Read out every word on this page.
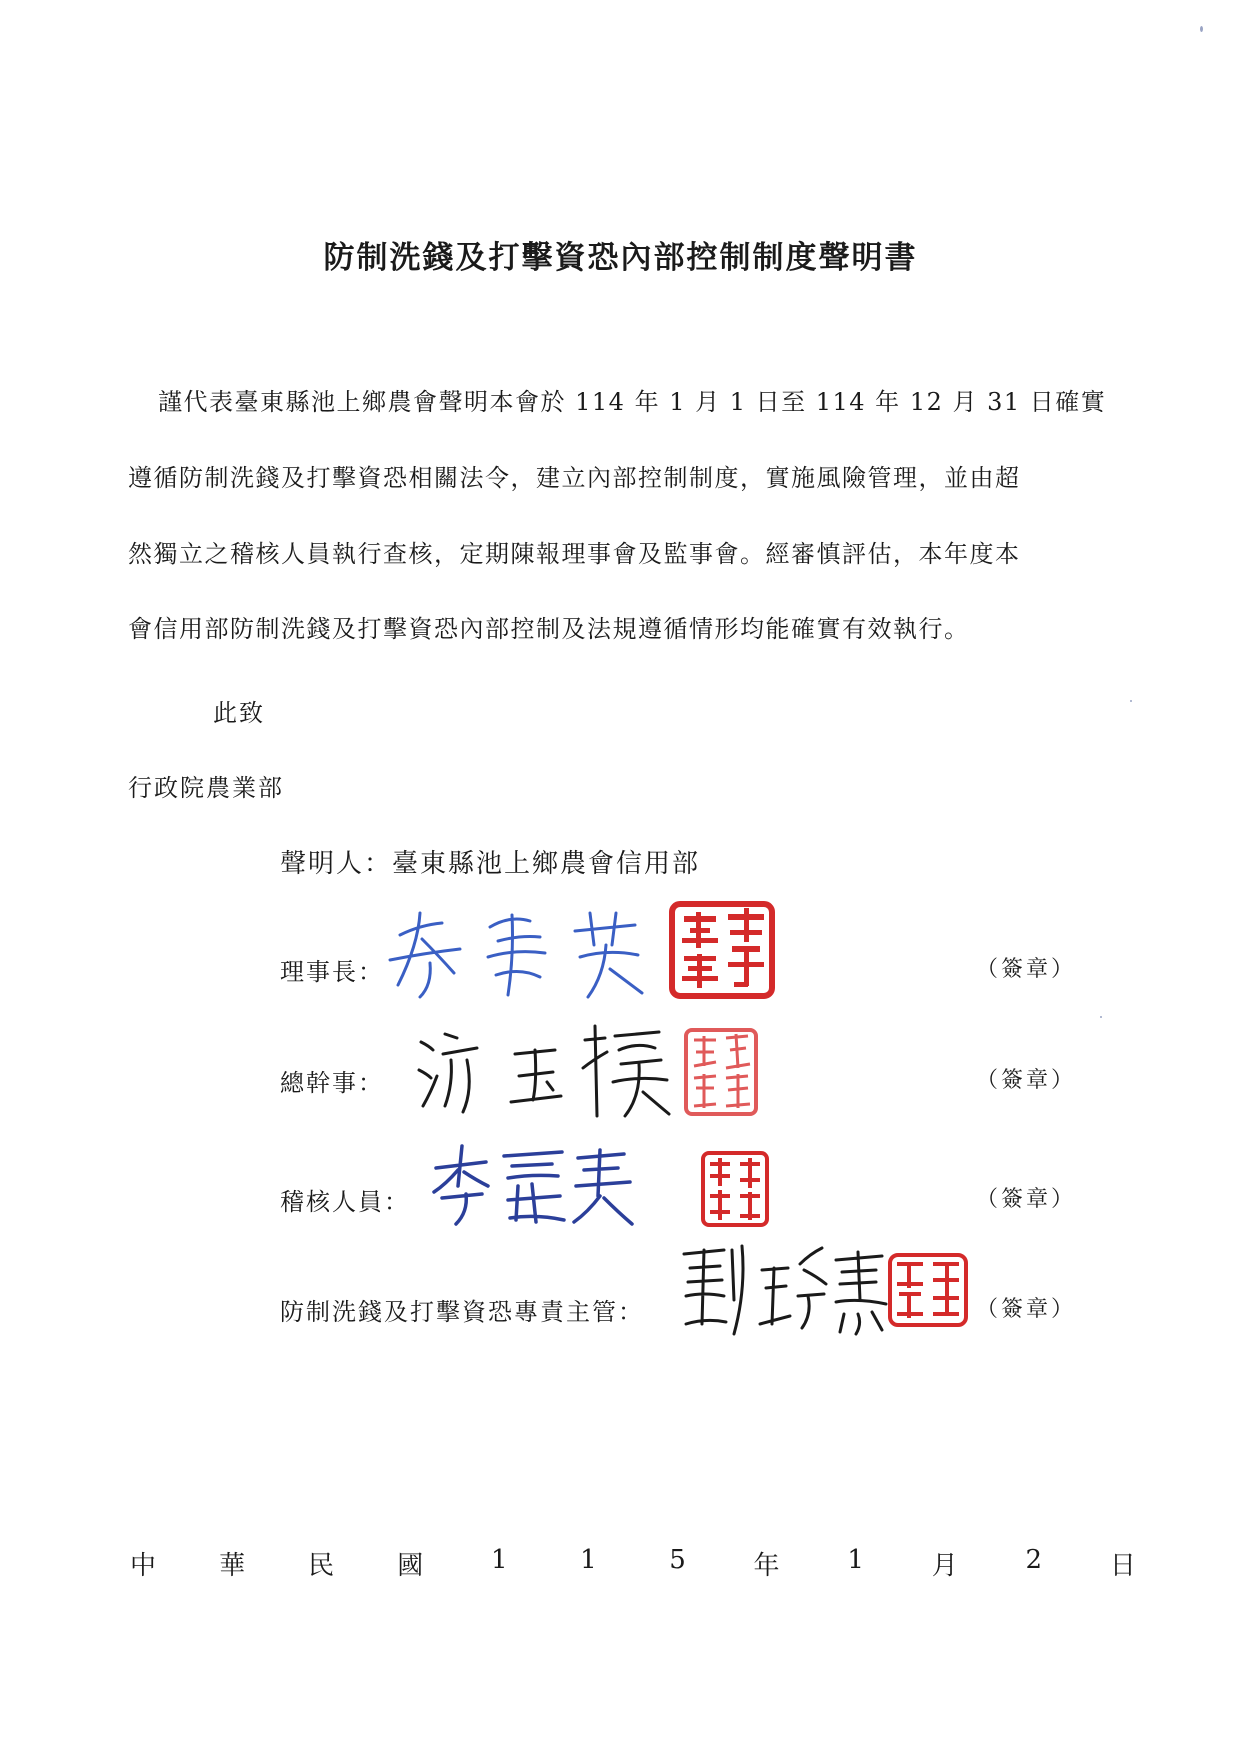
防制洗錢及打擊資恐內部控制制度聲明書
謹代表臺東縣池上鄉農會聲明本會於 114 年 1 月 1 日至 114 年 12 月 31 日確實
遵循防制洗錢及打擊資恐相關法令，建立內部控制制度，實施風險管理，並由超
然獨立之稽核人員執行查核，定期陳報理事會及監事會。經審慎評估，本年度本
會信用部防制洗錢及打擊資恐內部控制及法規遵循情形均能確實有效執行。
此致
行政院農業部
聲明人：臺東縣池上鄉農會信用部
理事長：	（簽章）
總幹事：	（簽章）
稽核人員：	（簽章）
防制洗錢及打擊資恐專責主管：	（簽章）
中 華 民 國	1	1	5	年	1	月	2	日
